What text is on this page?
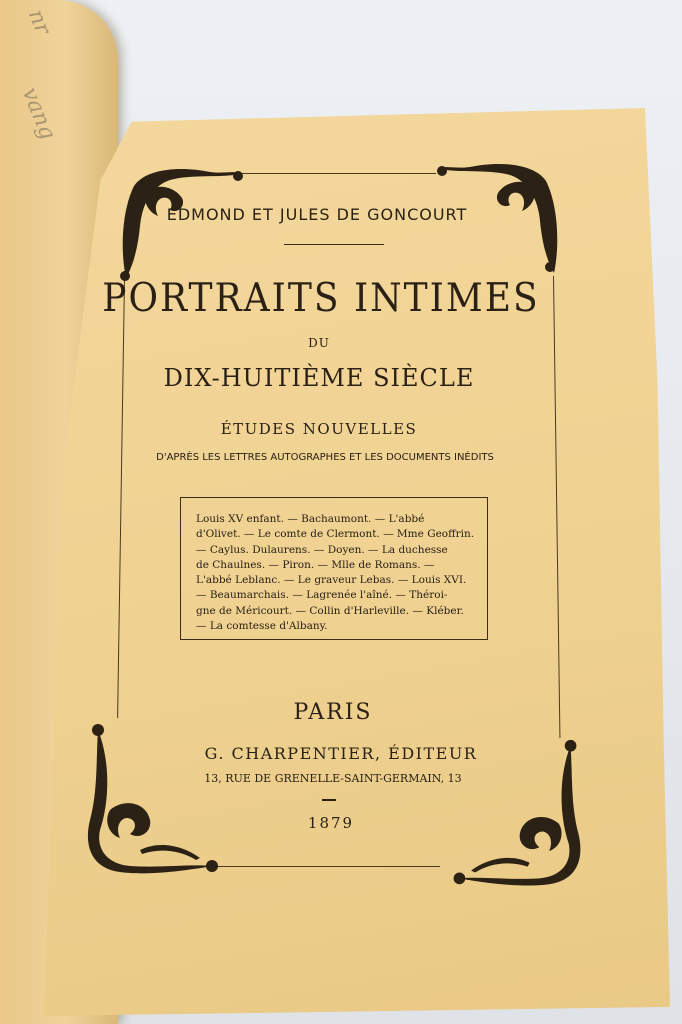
nr
vang
EDMOND ET JULES DE GONCOURT
PORTRAITS INTIMES
DU
DIX-HUITIÈME SIÈCLE
ÉTUDES NOUVELLES
D'APRÈS LES LETTRES AUTOGRAPHES ET LES DOCUMENTS INÉDITS
Louis XV enfant. — Bachaumont. — L'abbé
d'Olivet. — Le comte de Clermont. — Mme Geoffrin.
— Caylus. Dulaurens. — Doyen. — La duchesse
de Chaulnes. — Piron. — Mlle de Romans. —
L'abbé Leblanc. — Le graveur Lebas. — Louis XVI.
— Beaumarchais. — Lagrenée l'aîné. — Théroi-
gne de Méricourt. — Collin d'Harleville. — Kléber.
— La comtesse d'Albany.
PARIS
G. CHARPENTIER, ÉDITEUR
13, RUE DE GRENELLE-SAINT-GERMAIN, 13
1879
